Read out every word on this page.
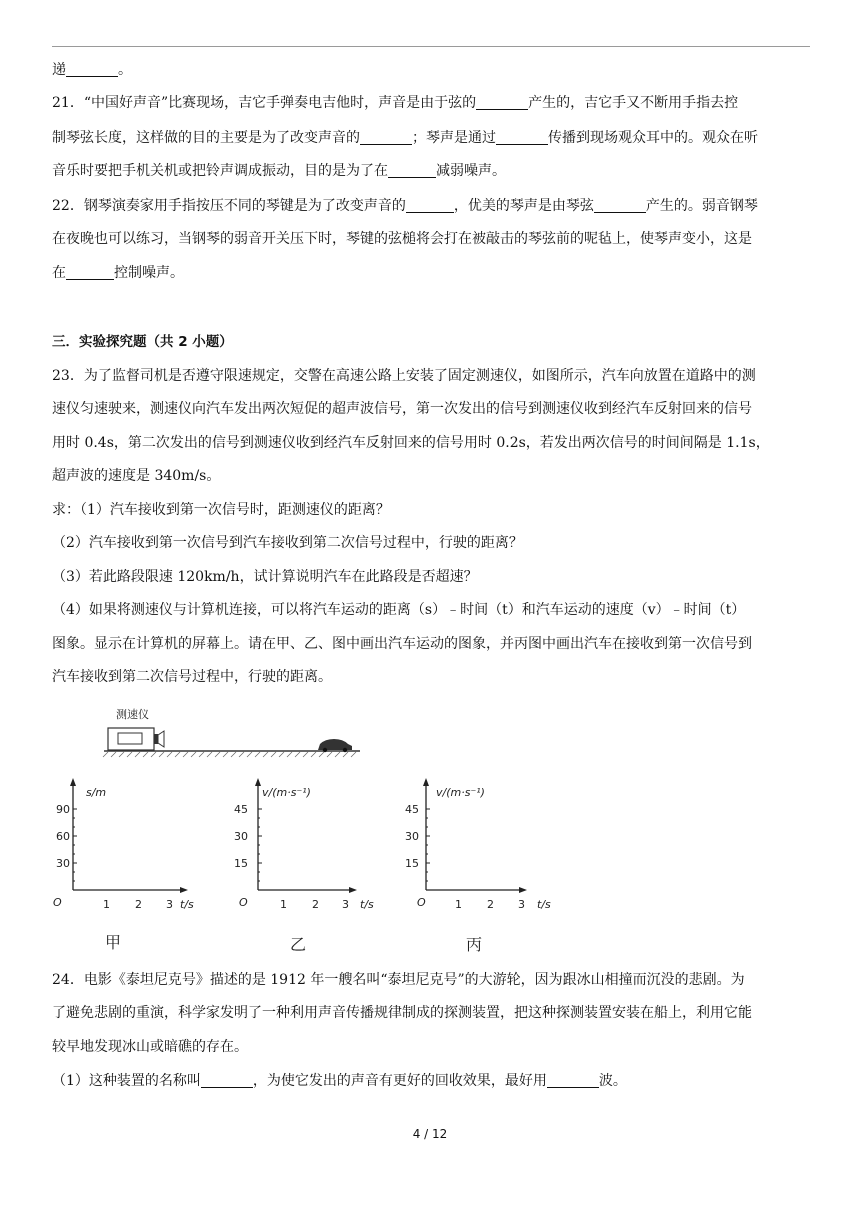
递	。
21．“中国好声音”比赛现场，吉它手弹奏电吉他时，声音是由于弦的	产生的，吉它手又不断用手指去控
制琴弦长度，这样做的目的主要是为了改变声音的	；琴声是通过	传播到现场观众耳中的。观众在听
音乐时要把手机关机或把铃声调成振动，目的是为了在	减弱噪声。
22．钢琴演奏家用手指按压不同的琴键是为了改变声音的	，优美的琴声是由琴弦	产生的。弱音钢琴
在夜晚也可以练习，当钢琴的弱音开关压下时，琴键的弦槌将会打在被敲击的琴弦前的呢毡上，使琴声变小，这是
在	控制噪声。
三．实验探究题（共 2 小题）
23．为了监督司机是否遵守限速规定，交警在高速公路上安装了固定测速仪，如图所示，汽车向放置在道路中的测
速仪匀速驶来，测速仪向汽车发出两次短促的超声波信号，第一次发出的信号到测速仪收到经汽车反射回来的信号
用时 0.4s，第二次发出的信号到测速仪收到经汽车反射回来的信号用时 0.2s，若发出两次信号的时间间隔是 1.1s，
超声波的速度是 340m/s。
求：（1）汽车接收到第一次信号时，距测速仪的距离？
（2）汽车接收到第一次信号到汽车接收到第二次信号过程中，行驶的距离？
（3）若此路段限速 120km/h，试计算说明汽车在此路段是否超速？
（4）如果将测速仪与计算机连接，可以将汽车运动的距离（s）﹣时间（t）和汽车运动的速度（v）﹣时间（t）
图象。显示在计算机的屏幕上。请在甲、乙、图中画出汽车运动的图象，并丙图中画出汽车在接收到第一次信号到
汽车接收到第二次信号过程中，行驶的距离。
测速仪
s/m
90
60
30
O	1 2 3 t/s
甲
v/(m·s⁻¹)
45
30
15
O	1 2 3 t/s
乙
v/(m·s⁻¹)
45
30
15
O	1 2 3 t/s
丙
24．电影《泰坦尼克号》描述的是 1912 年一艘名叫“泰坦尼克号”的大游轮，因为跟冰山相撞而沉没的悲剧。为
了避免悲剧的重演，科学家发明了一种利用声音传播规律制成的探测装置，把这种探测装置安装在船上，利用它能
较早地发现冰山或暗礁的存在。
（1）这种装置的名称叫	，为使它发出的声音有更好的回收效果，最好用	波。
4 / 12
